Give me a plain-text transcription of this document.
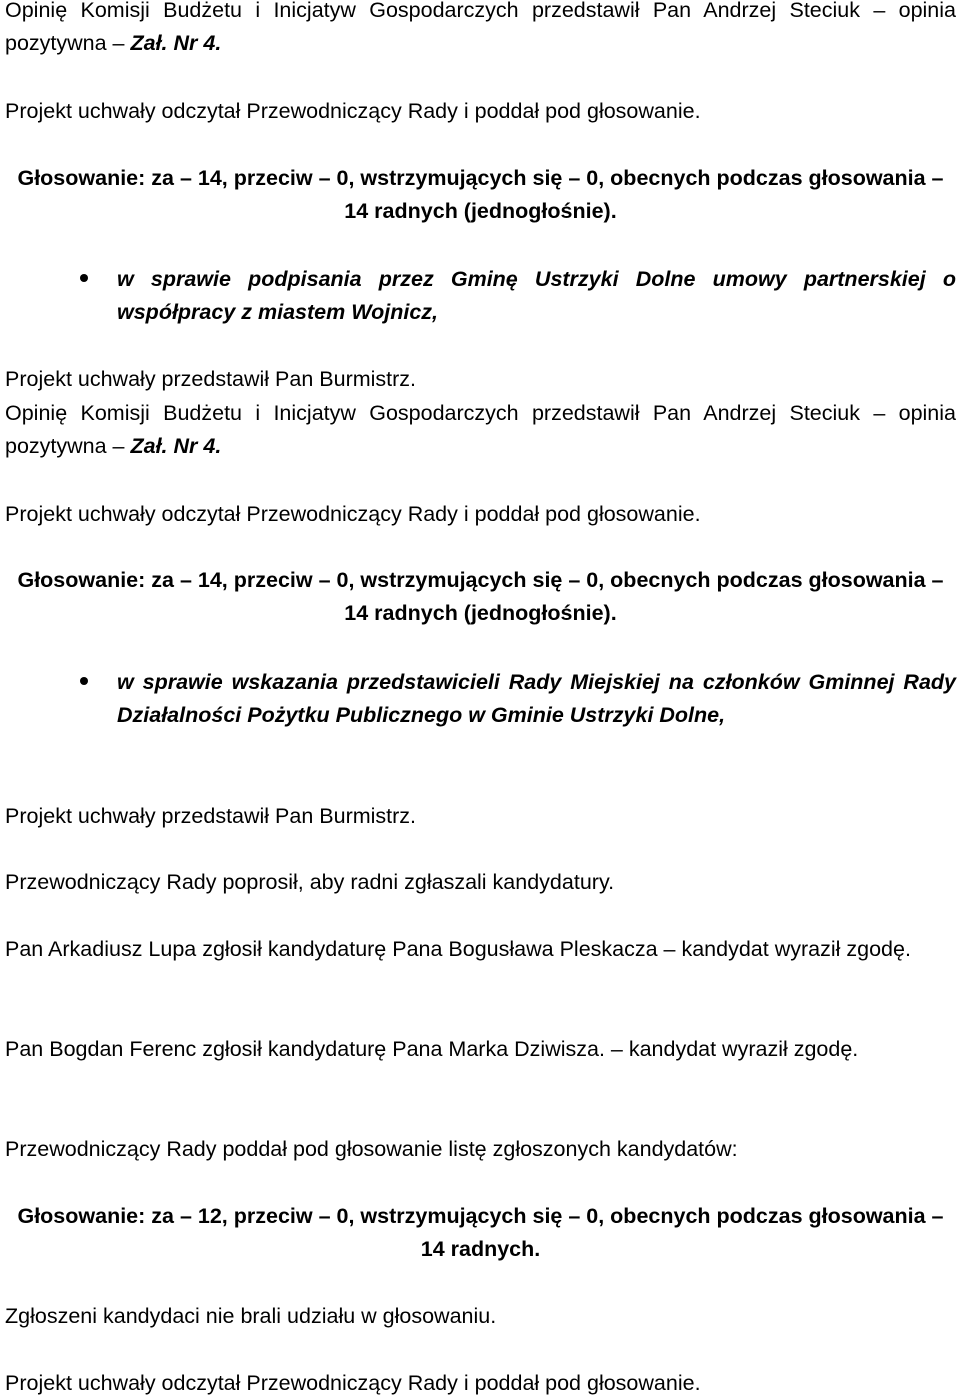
Opinię Komisji Budżetu i Inicjatyw Gospodarczych przedstawił Pan Andrzej Steciuk – opinia pozytywna – Zał. Nr 4.

Projekt uchwały odczytał Przewodniczący Rady i poddał pod głosowanie.

Głosowanie: za – 14, przeciw – 0, wstrzymujących się – 0, obecnych podczas głosowania – 14 radnych (jednogłośnie).

w sprawie podpisania przez Gminę Ustrzyki Dolne umowy partnerskiej o współpracy z miastem Wojnicz,

Projekt uchwały przedstawił Pan Burmistrz.

Opinię Komisji Budżetu i Inicjatyw Gospodarczych przedstawił Pan Andrzej Steciuk – opinia pozytywna – Zał. Nr 4.

Projekt uchwały odczytał Przewodniczący Rady i poddał pod głosowanie.

Głosowanie: za – 14, przeciw – 0, wstrzymujących się – 0, obecnych podczas głosowania – 14 radnych (jednogłośnie).

w sprawie wskazania przedstawicieli Rady Miejskiej na członków Gminnej Rady Działalności Pożytku Publicznego w Gminie Ustrzyki Dolne,

Projekt uchwały przedstawił Pan Burmistrz.

Przewodniczący Rady poprosił, aby radni zgłaszali kandydatury.

Pan Arkadiusz Lupa zgłosił kandydaturę Pana Bogusława Pleskacza – kandydat wyraził zgodę.

Pan Bogdan Ferenc zgłosił kandydaturę Pana Marka Dziwisza. – kandydat wyraził zgodę.

Przewodniczący Rady poddał pod głosowanie listę zgłoszonych kandydatów:

Głosowanie: za – 12, przeciw – 0, wstrzymujących się – 0, obecnych podczas głosowania – 14 radnych.

Zgłoszeni kandydaci nie brali udziału w głosowaniu.

Projekt uchwały odczytał Przewodniczący Rady i poddał pod głosowanie.
